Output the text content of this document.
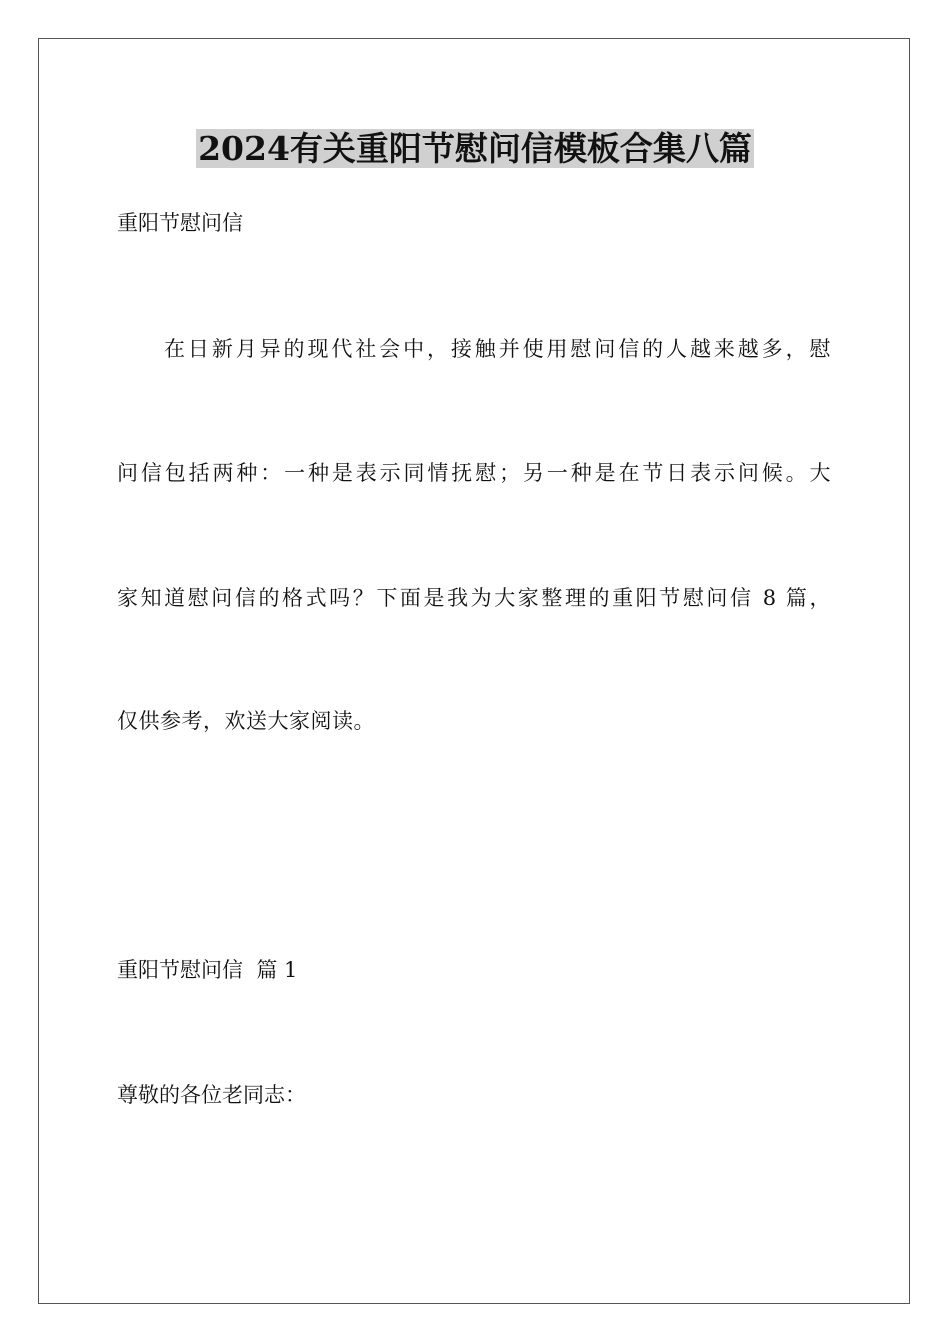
2024有关重阳节慰问信模板合集八篇
重阳节慰问信
在日新月异的现代社会中，接触并使用慰问信的人越来越多，慰
问信包括两种：一种是表示同情抚慰；另一种是在节日表示问候。大
家知道慰问信的格式吗？下面是我为大家整理的重阳节慰问信 8 篇，
仅供参考，欢送大家阅读。
重阳节慰问信  篇 1
尊敬的各位老同志：
